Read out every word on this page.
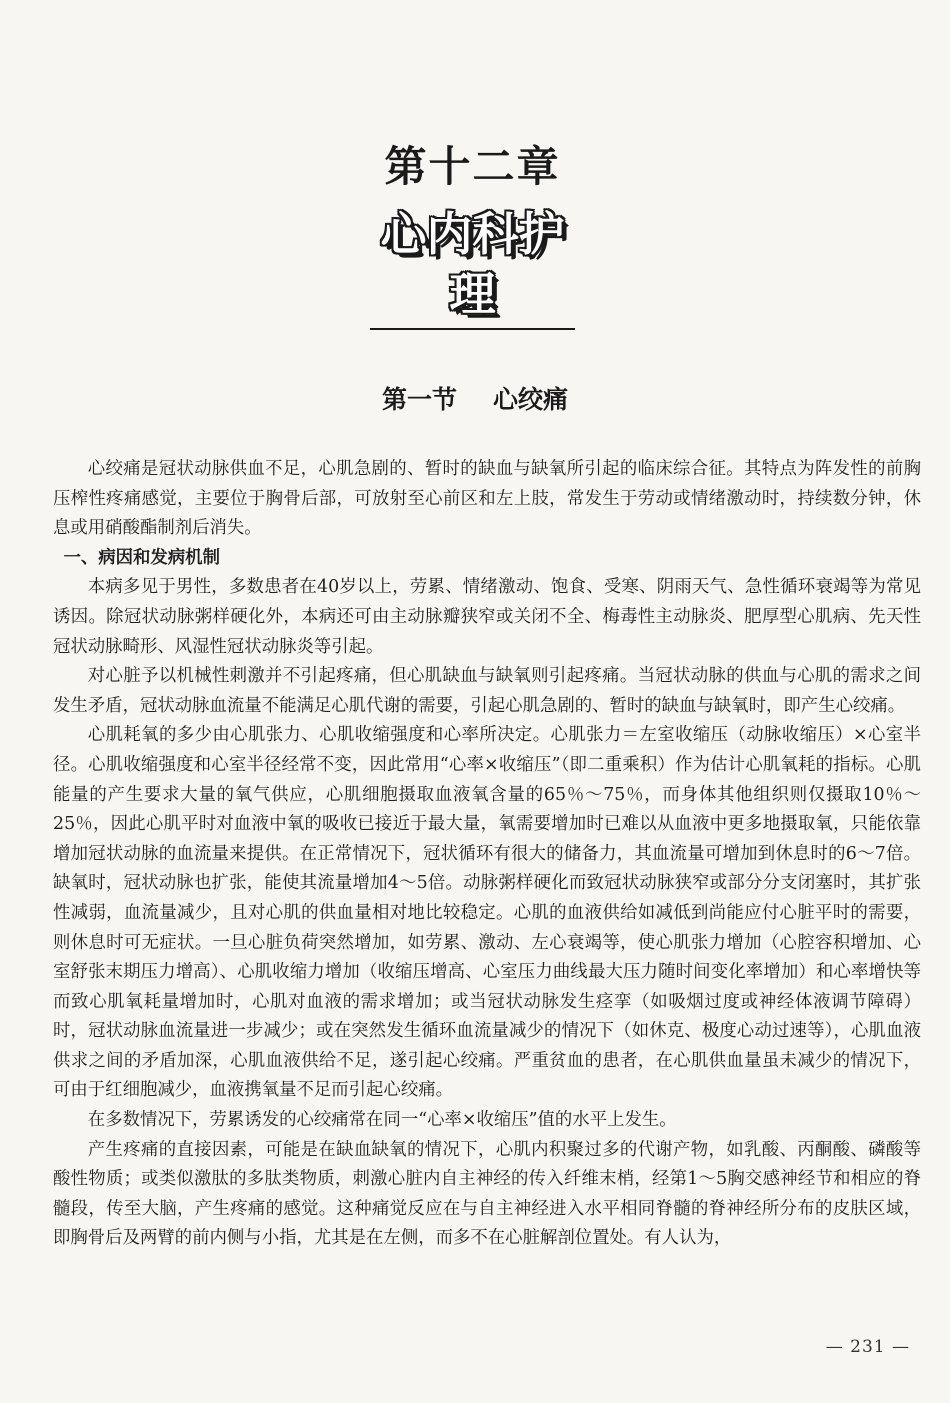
第十二章
心内科护理
第一节 心绞痛

心绞痛是冠状动脉供血不足，心肌急剧的、暂时的缺血与缺氧所引起的临床综合征。其特点为阵发性的前胸压榨性疼痛感觉，主要位于胸骨后部，可放射至心前区和左上肢，常发生于劳动或情绪激动时，持续数分钟，休息或用硝酸酯制剂后消失。

一、病因和发病机制

本病多见于男性，多数患者在40岁以上，劳累、情绪激动、饱食、受寒、阴雨天气、急性循环衰竭等为常见诱因。除冠状动脉粥样硬化外，本病还可由主动脉瓣狭窄或关闭不全、梅毒性主动脉炎、肥厚型心肌病、先天性冠状动脉畸形、风湿性冠状动脉炎等引起。

对心脏予以机械性刺激并不引起疼痛，但心肌缺血与缺氧则引起疼痛。当冠状动脉的供血与心肌的需求之间发生矛盾，冠状动脉血流量不能满足心肌代谢的需要，引起心肌急剧的、暂时的缺血与缺氧时，即产生心绞痛。

心肌耗氧的多少由心肌张力、心肌收缩强度和心率所决定。心肌张力＝左室收缩压（动脉收缩压）×心室半径。心肌收缩强度和心室半径经常不变，因此常用“心率×收缩压”（即二重乘积）作为估计心肌氧耗的指标。心肌能量的产生要求大量的氧气供应，心肌细胞摄取血液氧含量的65％～75％，而身体其他组织则仅摄取10％～25％，因此心肌平时对血液中氧的吸收已接近于最大量，氧需要增加时已难以从血液中更多地摄取氧，只能依靠增加冠状动脉的血流量来提供。在正常情况下，冠状循环有很大的储备力，其血流量可增加到休息时的6～7倍。缺氧时，冠状动脉也扩张，能使其流量增加4～5倍。动脉粥样硬化而致冠状动脉狭窄或部分分支闭塞时，其扩张性减弱，血流量减少，且对心肌的供血量相对地比较稳定。心肌的血液供给如减低到尚能应付心脏平时的需要，则休息时可无症状。一旦心脏负荷突然增加，如劳累、激动、左心衰竭等，使心肌张力增加（心腔容积增加、心室舒张末期压力增高）、心肌收缩力增加（收缩压增高、心室压力曲线最大压力随时间变化率增加）和心率增快等而致心肌氧耗量增加时，心肌对血液的需求增加；或当冠状动脉发生痉挛（如吸烟过度或神经体液调节障碍）时，冠状动脉血流量进一步减少；或在突然发生循环血流量减少的情况下（如休克、极度心动过速等），心肌血液供求之间的矛盾加深，心肌血液供给不足，遂引起心绞痛。严重贫血的患者，在心肌供血量虽未减少的情况下，可由于红细胞减少，血液携氧量不足而引起心绞痛。

在多数情况下，劳累诱发的心绞痛常在同一“心率×收缩压”值的水平上发生。

产生疼痛的直接因素，可能是在缺血缺氧的情况下，心肌内积聚过多的代谢产物，如乳酸、丙酮酸、磷酸等酸性物质；或类似激肽的多肽类物质，刺激心脏内自主神经的传入纤维末梢，经第1～5胸交感神经节和相应的脊髓段，传至大脑，产生疼痛的感觉。这种痛觉反应在与自主神经进入水平相同脊髓的脊神经所分布的皮肤区域，即胸骨后及两臂的前内侧与小指，尤其是在左侧，而多不在心脏解剖位置处。有人认为，

— 231 —
